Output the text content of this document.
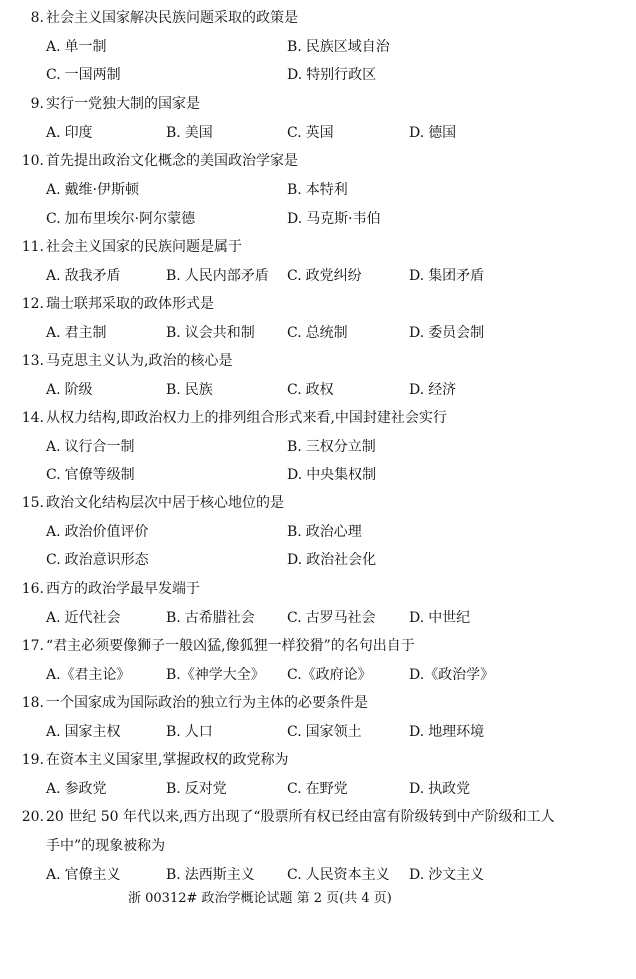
8. 社会主义国家解决民族问题采取的政策是
A. 单一制	B. 民族区域自治
C. 一国两制	D. 特别行政区
9. 实行一党独大制的国家是
A. 印度	B. 美国	C. 英国	D. 德国
10. 首先提出政治文化概念的美国政治学家是
A. 戴维·伊斯顿	B. 本特利
C. 加布里埃尔·阿尔蒙德	D. 马克斯·韦伯
11. 社会主义国家的民族问题是属于
A. 敌我矛盾	B. 人民内部矛盾 C. 政党纠纷	D. 集团矛盾
12. 瑞士联邦采取的政体形式是
A. 君主制	B. 议会共和制 C. 总统制	D. 委员会制
13. 马克思主义认为,政治的核心是
A. 阶级	B. 民族	C. 政权	D. 经济
14. 从权力结构,即政治权力上的排列组合形式来看,中国封建社会实行
A. 议行合一制	B. 三权分立制
C. 官僚等级制	D. 中央集权制
15. 政治文化结构层次中居于核心地位的是
A. 政治价值评价	B. 政治心理
C. 政治意识形态	D. 政治社会化
16. 西方的政治学最早发端于
A. 近代社会	B. 古希腊社会 C. 古罗马社会 D. 中世纪
17. “君主必须要像狮子一般凶猛,像狐狸一样狡猾”的名句出自于
A.《君主论》	B.《神学大全》 C.《政府论》	D.《政治学》
18. 一个国家成为国际政治的独立行为主体的必要条件是
A. 国家主权	B. 人口	C. 国家领土	D. 地理环境
19. 在资本主义国家里,掌握政权的政党称为
A. 参政党	B. 反对党	C. 在野党	D. 执政党
20. 20 世纪 50 年代以来,西方出现了“股票所有权已经由富有阶级转到中产阶级和工人
手中”的现象被称为
A. 官僚主义	B. 法西斯主义 C. 人民资本主义 D. 沙文主义
浙 00312# 政治学概论试题 第 2 页(共 4 页)
